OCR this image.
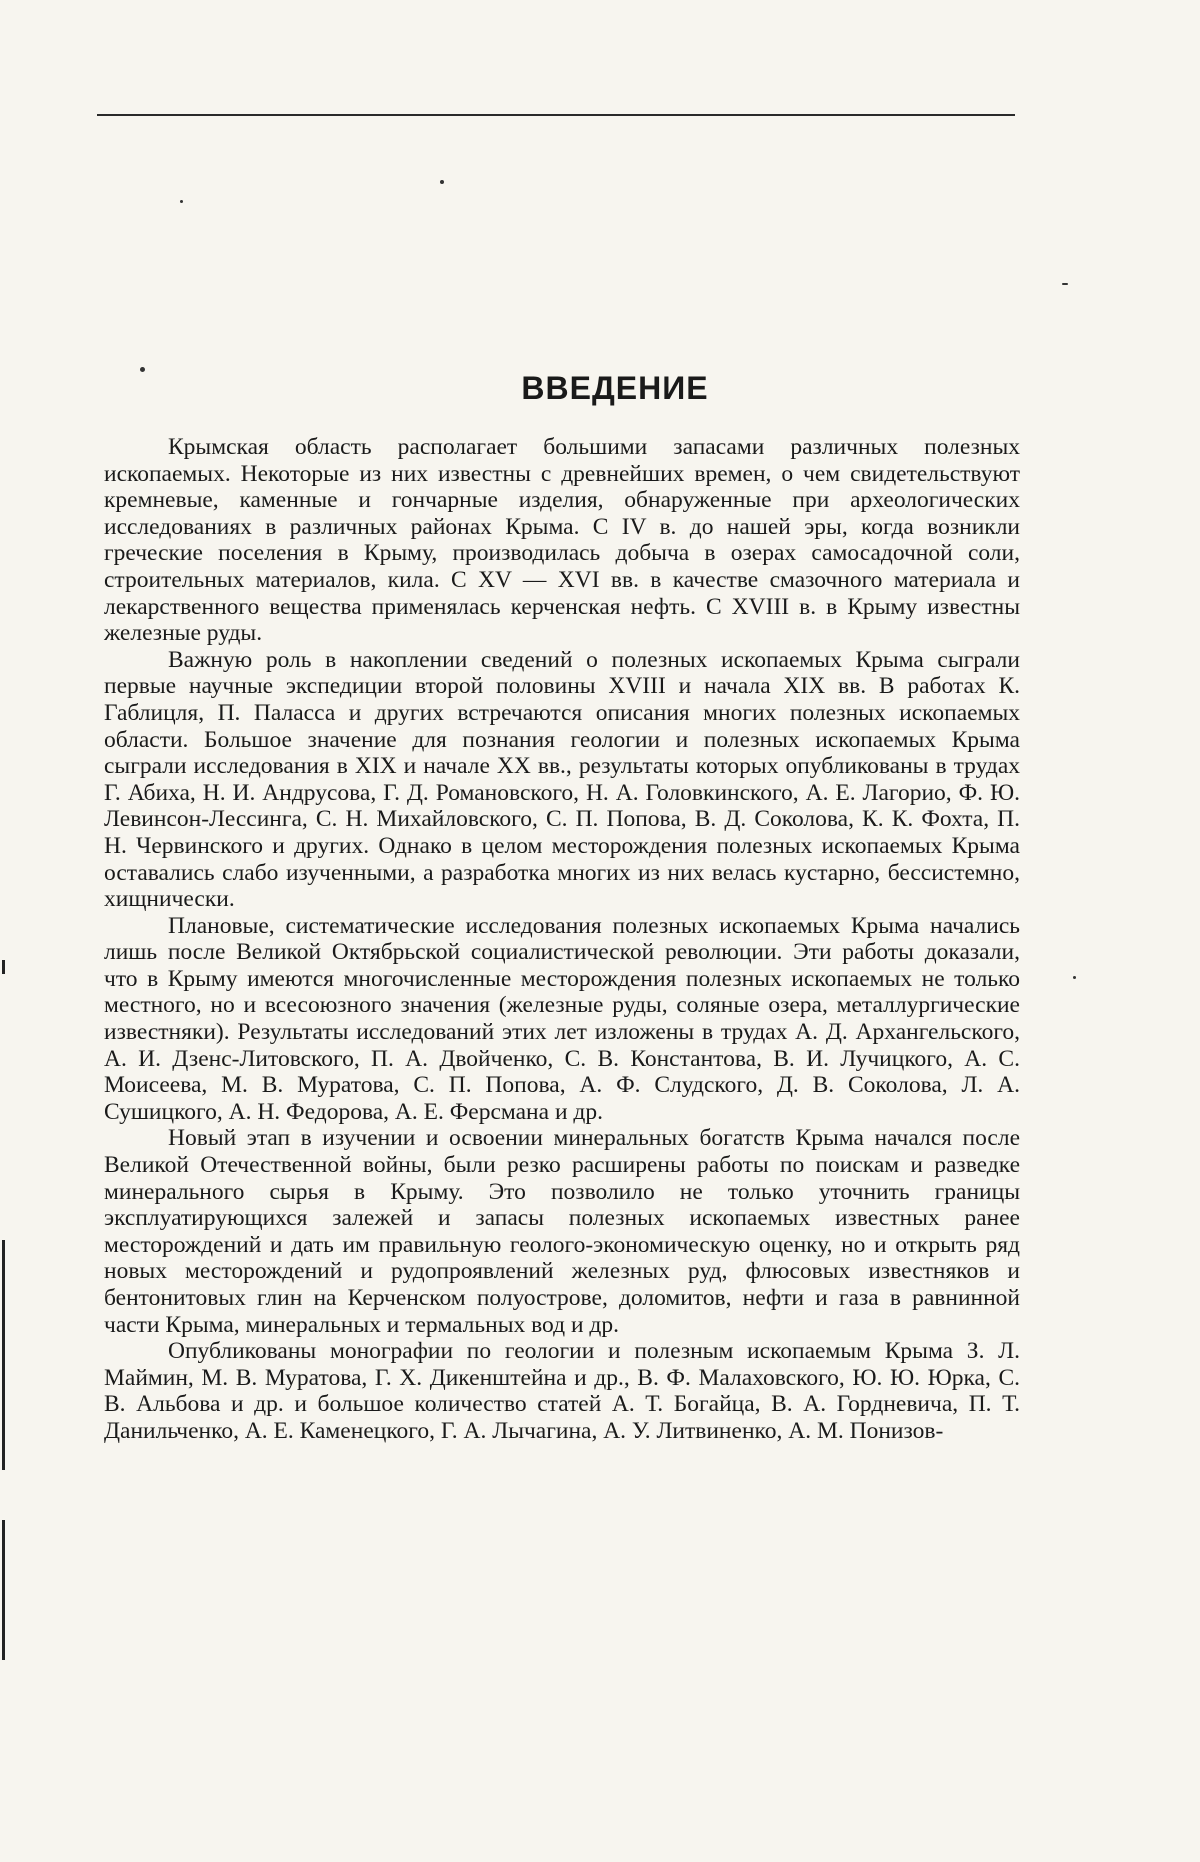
ВВЕДЕНИЕ

Крымская область располагает большими запасами различных полезных ископаемых. Некоторые из них известны с древнейших времен, о чем свидетельствуют кремневые, каменные и гончарные изделия, обнаруженные при археологических исследованиях в различных районах Крыма. С IV в. до нашей эры, когда возникли греческие поселения в Крыму, производилась добыча в озерах самосадочной соли, строительных материалов, кила. С XV — XVI вв. в качестве смазочного материала и лекарственного вещества применялась керченская нефть. С XVIII в. в Крыму известны железные руды.

Важную роль в накоплении сведений о полезных ископаемых Крыма сыграли первые научные экспедиции второй половины XVIII и начала XIX вв. В работах К. Габлицля, П. Паласса и других встречаются описания многих полезных ископаемых области. Большое значение для познания геологии и полезных ископаемых Крыма сыграли исследования в XIX и начале XX вв., результаты которых опубликованы в трудах Г. Абиха, Н. И. Андрусова, Г. Д. Романовского, Н. А. Головкинского, А. Е. Лагорио, Ф. Ю. Левинсон-Лессинга, С. Н. Михайловского, С. П. Попова, В. Д. Соколова, К. К. Фохта, П. Н. Червинского и других. Однако в целом месторождения полезных ископаемых Крыма оставались слабо изученными, а разработка многих из них велась кустарно, бессистемно, хищнически.

Плановые, систематические исследования полезных ископаемых Крыма начались лишь после Великой Октябрьской социалистической революции. Эти работы доказали, что в Крыму имеются многочисленные месторождения полезных ископаемых не только местного, но и всесоюзного значения (железные руды, соляные озера, металлургические известняки). Результаты исследований этих лет изложены в трудах А. Д. Архангельского, А. И. Дзенс-Литовского, П. А. Двойченко, С. В. Константова, В. И. Лучицкого, А. С. Моисеева, М. В. Муратова, С. П. Попова, А. Ф. Слудского, Д. В. Соколова, Л. А. Сушицкого, А. Н. Федорова, А. Е. Ферсмана и др.

Новый этап в изучении и освоении минеральных богатств Крыма начался после Великой Отечественной войны, были резко расширены работы по поискам и разведке минерального сырья в Крыму. Это позволило не только уточнить границы эксплуатирующихся залежей и запасы полезных ископаемых известных ранее месторождений и дать им правильную геолого-экономическую оценку, но и открыть ряд новых месторождений и рудопроявлений железных руд, флюсовых известняков и бентонитовых глин на Керченском полуострове, доломитов, нефти и газа в равнинной части Крыма, минеральных и термальных вод и др.

Опубликованы монографии по геологии и полезным ископаемым Крыма З. Л. Маймин, М. В. Муратова, Г. Х. Дикенштейна и др., В. Ф. Малаховского, Ю. Ю. Юрка, С. В. Альбова и др. и большое количество статей А. Т. Богайца, В. А. Гордневича, П. Т. Данильченко, А. Е. Каменецкого, Г. А. Лычагина, А. У. Литвиненко, А. М. Понизов-
